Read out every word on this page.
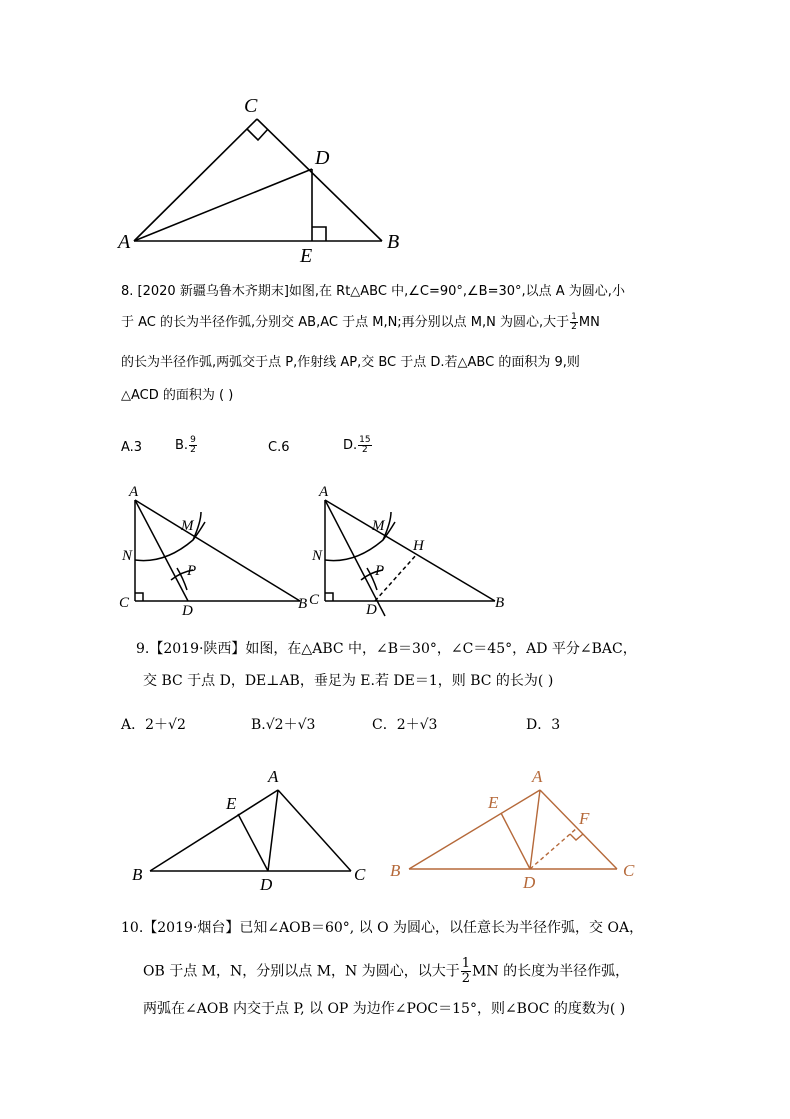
C
D
A
E
B
8. [2020 新疆乌鲁木齐期末]如图,在 Rt△ABC 中,∠C=90°,∠B=30°,以点 A 为圆心,小
于 AC 的长为半径作弧,分别交 AB,AC 于点 M,N;再分别以点 M,N 为圆心,大于 $\frac{1}{2}$ MN
的长为半径作弧,两弧交于点 P,作射线 AP,交 BC 于点 D.若△ABC 的面积为 9,则
△ACD 的面积为 ( )
A.3	B. $\frac{9}{2}$	C.6	D. $\frac{15}{2}$
A
M
N
P
C	D	B
A
M
N
H
P
C
D	B
9.【2019·陕西】如图，在△ABC 中，∠B＝30°，∠C＝45°，AD 平分∠BAC，
交 BC 于点 D，DE⊥AB，垂足为 E.若 DE＝1，则 BC 的长为( )
A．2＋√2	B.√2＋√3	C．2＋√3	D．3
A
E
B
D
C
A
E
F
B
D
C
10.【2019·烟台】已知∠AOB＝60°, 以 O 为圆心，以任意长为半径作弧，交 OA，
OB 于点 M，N，分别以点 M，N 为圆心，以大于 $\frac{1}{2}$ MN 的长度为半径作弧，
两弧在∠AOB 内交于点 P, 以 OP 为边作∠POC＝15°，则∠BOC 的度数为( )
